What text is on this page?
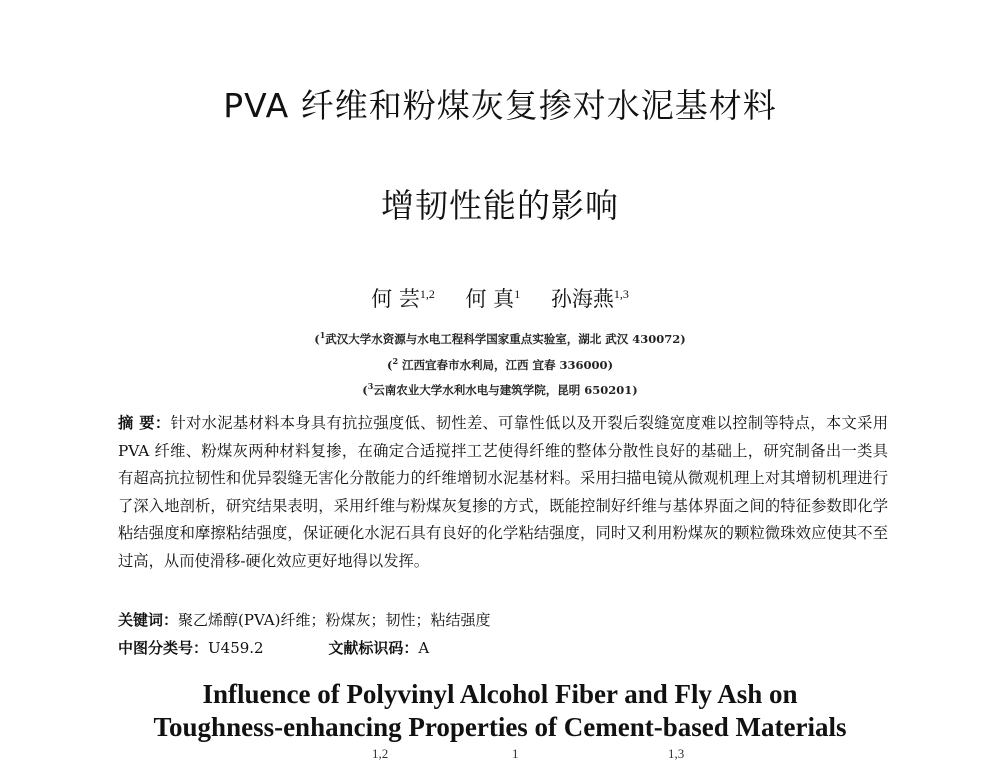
PVA 纤维和粉煤灰复掺对水泥基材料
增韧性能的影响
何 芸$^{1,2}$ 何 真$^1$ 孙海燕$^{1,3}$
($^1$武汉大学水资源与水电工程科学国家重点实验室，湖北 武汉 430072)
($^2$ 江西宜春市水利局，江西 宜春 336000)
($^3$云南农业大学水利水电与建筑学院，昆明 650201)
摘 要：针对水泥基材料本身具有抗拉强度低、韧性差、可靠性低以及开裂后裂缝宽度难以控制等特点，本文采用 PVA 纤维、粉煤灰两种材料复掺，在确定合适搅拌工艺使得纤维的整体分散性良好的基础上，研究制备出一类具有超高抗拉韧性和优异裂缝无害化分散能力的纤维增韧水泥基材料。采用扫描电镜从微观机理上对其增韧机理进行了深入地剖析，研究结果表明，采用纤维与粉煤灰复掺的方式，既能控制好纤维与基体界面之间的特征参数即化学粘结强度和摩擦粘结强度，保证硬化水泥石具有良好的化学粘结强度，同时又利用粉煤灰的颗粒微珠效应使其不至过高，从而使滑移-硬化效应更好地得以发挥。
关键词：聚乙烯醇(PVA)纤维；粉煤灰；韧性；粘结强度
中图分类号：U459.2	文献标识码：A
Influence of Polyvinyl Alcohol Fiber and Fly Ash on
Toughness-enhancing Properties of Cement-based Materials
1,2	1	1,3
